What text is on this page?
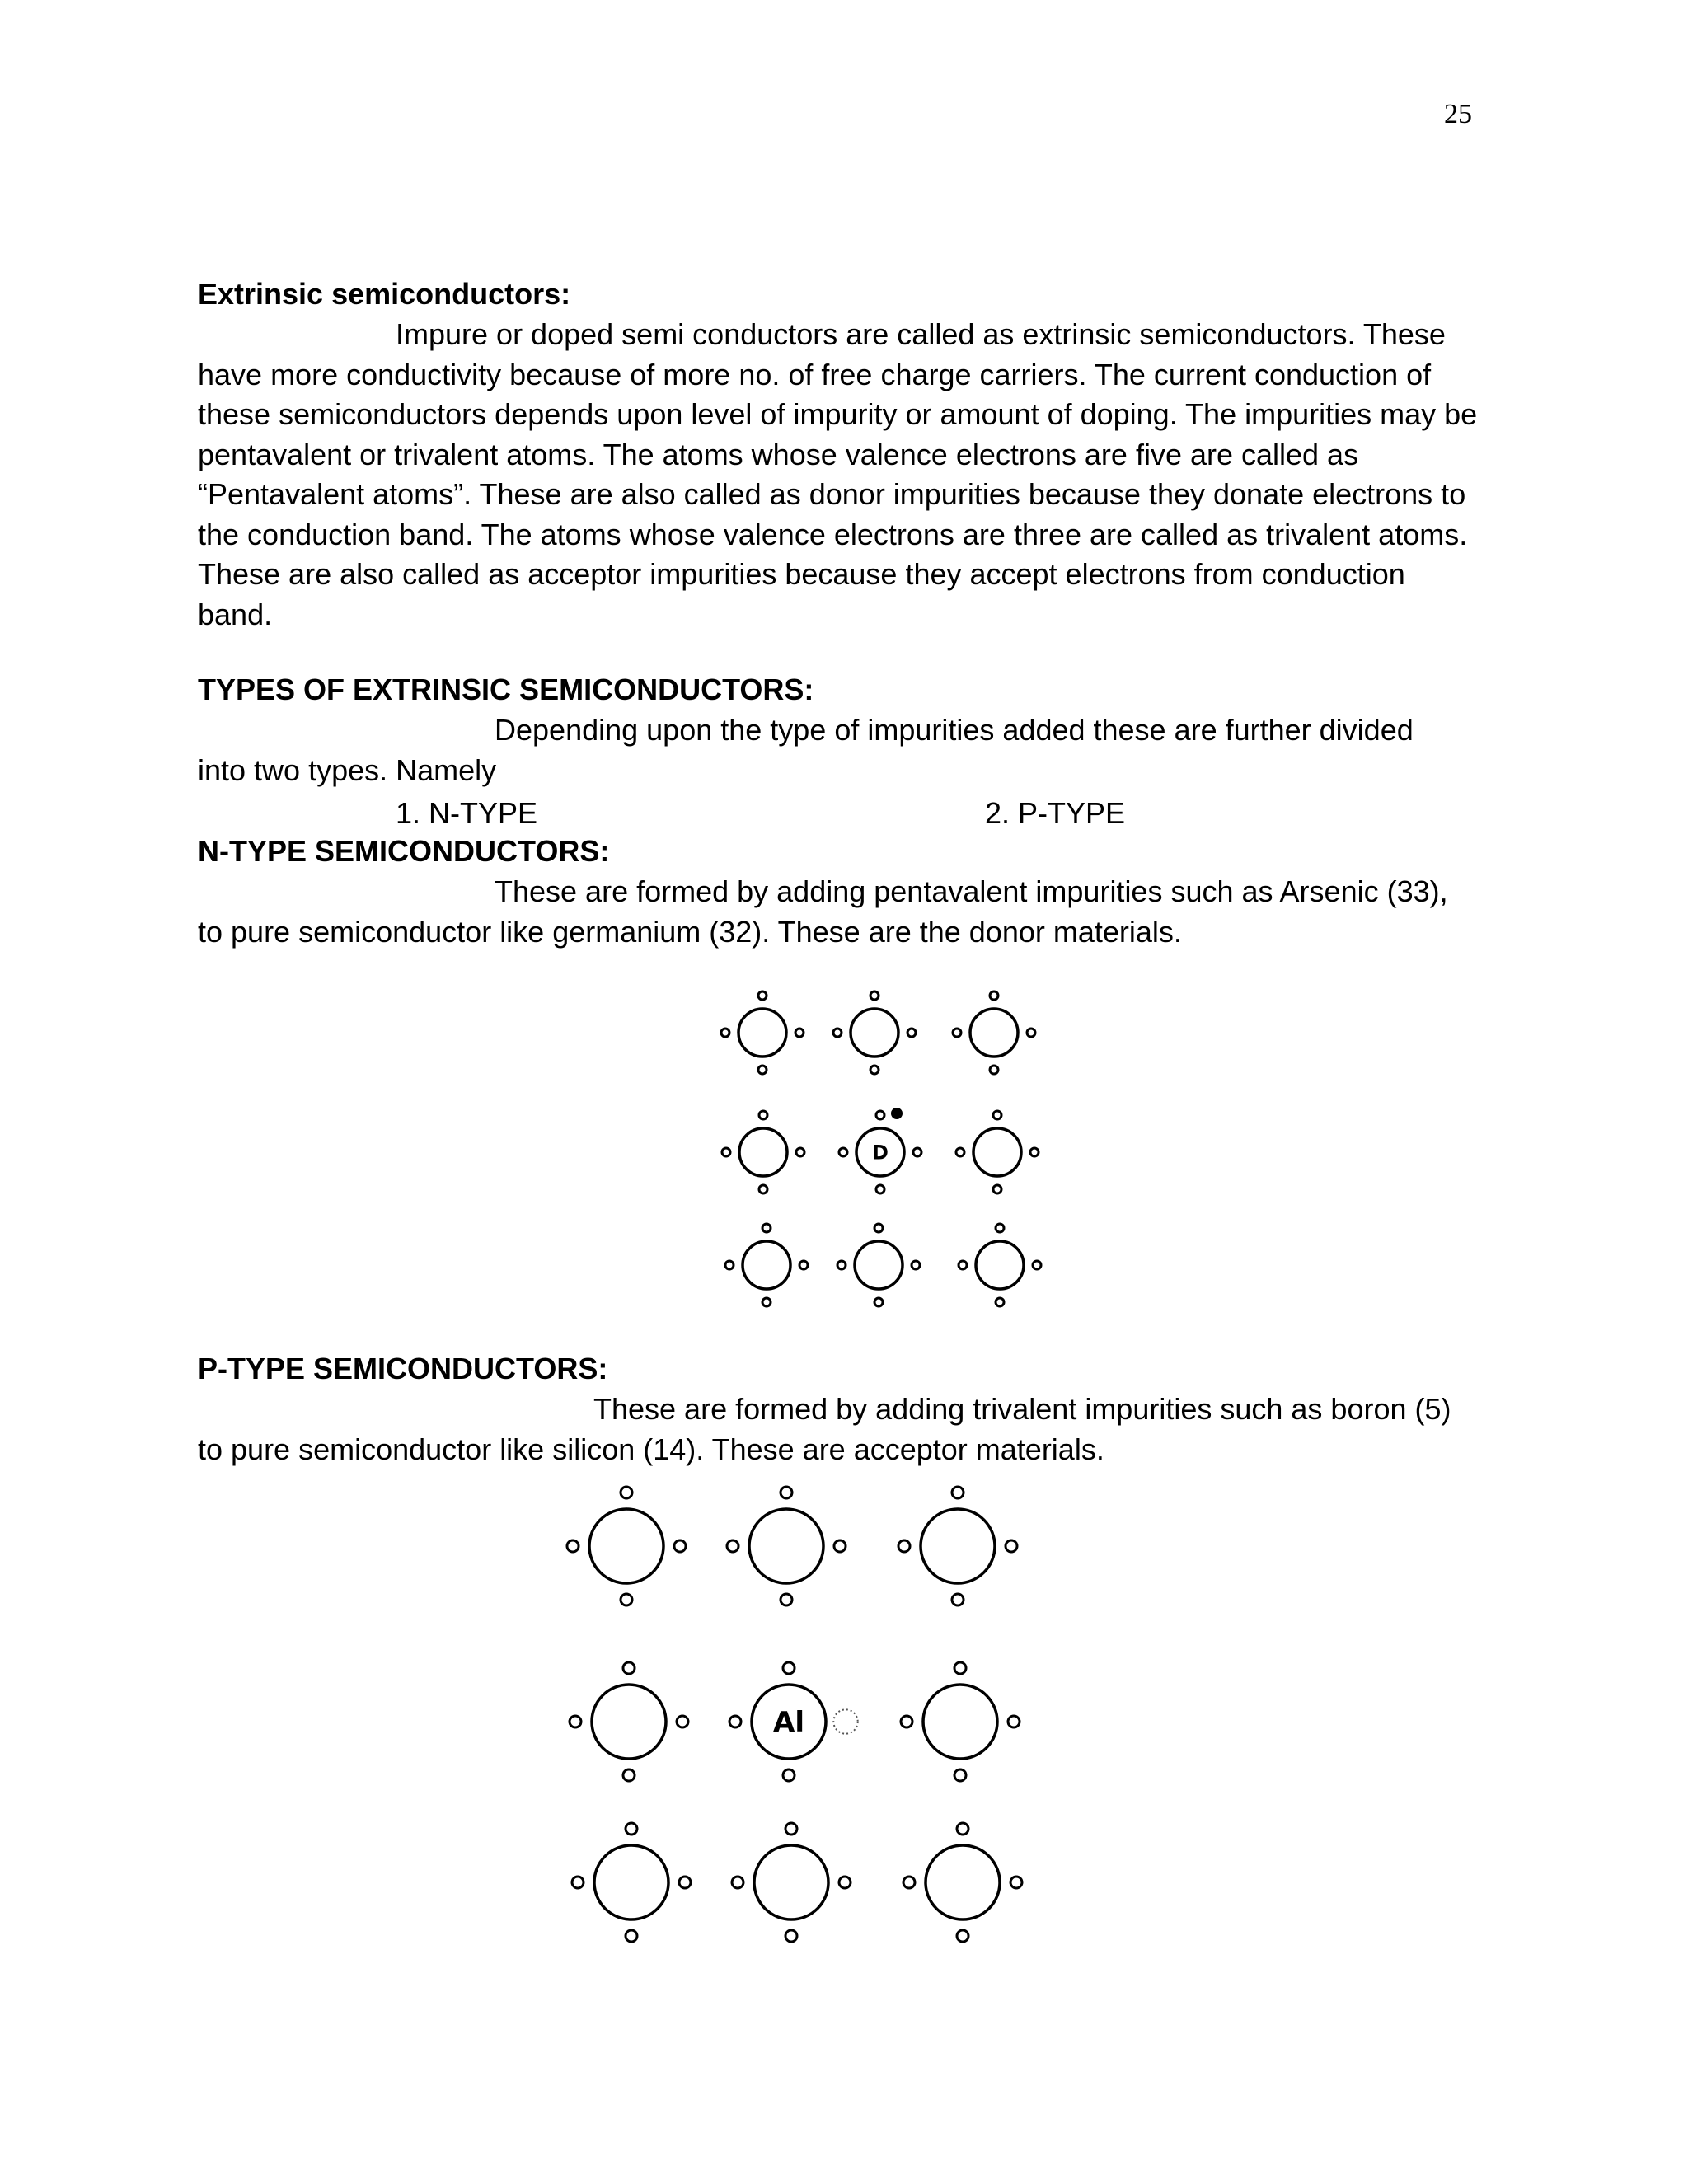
25
Extrinsic semiconductors:

Impure or doped semi conductors are called as extrinsic semiconductors. These
have more conductivity because of more no. of free charge carriers. The current conduction of these semiconductors depends upon level of impurity or amount of doping. The impurities may be pentavalent or trivalent atoms. The atoms whose valence electrons are five are called as “Pentavalent atoms”. These are also called as donor impurities because they donate electrons to the conduction band. The atoms whose valence electrons are three are called as trivalent atoms. These are also called as acceptor impurities because they accept electrons from conduction band.

TYPES OF EXTRINSIC SEMICONDUCTORS:

Depending upon the type of impurities added these are further divided
into two types. Namely

1. N-TYPE	2. P-TYPE
N-TYPE SEMICONDUCTORS:

These are formed by adding pentavalent impurities such as Arsenic (33),
to pure semiconductor like germanium (32). These are the donor materials.

P-TYPE SEMICONDUCTORS:

These are formed by adding trivalent impurities such as boron (5)
to pure semiconductor like silicon (14). These are acceptor materials.

D
Al
